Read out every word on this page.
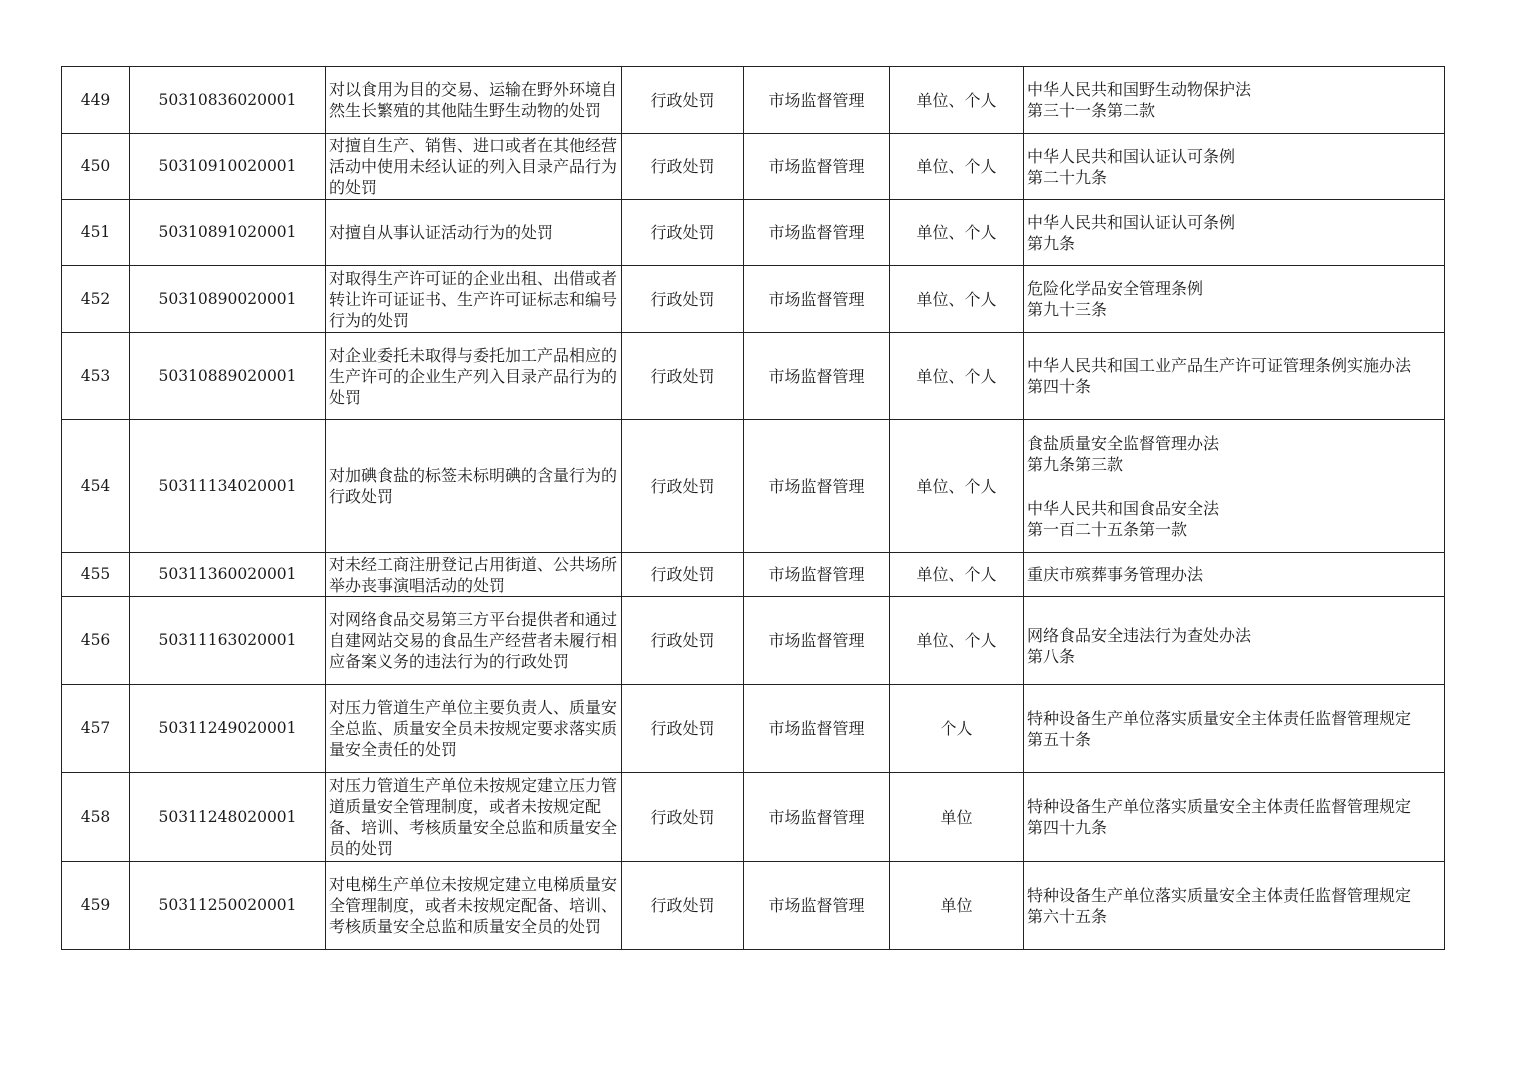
449	50310836020001	对以食用为目的交易、运输在野外环境自然生长繁殖的其他陆生野生动物的处罚	行政处罚	市场监督管理	单位、个人	中华人民共和国野生动物保护法
第三十一条第二款

450	50310910020001	对擅自生产、销售、进口或者在其他经营活动中使用未经认证的列入目录产品行为的处罚	行政处罚	市场监督管理	单位、个人	中华人民共和国认证认可条例
第二十九条

451	50310891020001	对擅自从事认证活动行为的处罚	行政处罚	市场监督管理	单位、个人	中华人民共和国认证认可条例
第九条

452	50310890020001	对取得生产许可证的企业出租、出借或者转让许可证证书、生产许可证标志和编号行为的处罚	行政处罚	市场监督管理	单位、个人	危险化学品安全管理条例
第九十三条

453	50310889020001	对企业委托未取得与委托加工产品相应的生产许可的企业生产列入目录产品行为的处罚	行政处罚	市场监督管理	单位、个人	中华人民共和国工业产品生产许可证管理条例实施办法
第四十条

454	50311134020001	对加碘食盐的标签未标明碘的含量行为的行政处罚	行政处罚	市场监督管理	单位、个人	食盐质量安全监督管理办法
第九条第三款
中华人民共和国食品安全法
第一百二十五条第一款

455	50311360020001	对未经工商注册登记占用街道、公共场所举办丧事演唱活动的处罚	行政处罚	市场监督管理	单位、个人	重庆市殡葬事务管理办法

456	50311163020001	对网络食品交易第三方平台提供者和通过自建网站交易的食品生产经营者未履行相应备案义务的违法行为的行政处罚	行政处罚	市场监督管理	单位、个人	网络食品安全违法行为查处办法
第八条

457	50311249020001	对压力管道生产单位主要负责人、质量安全总监、质量安全员未按规定要求落实质量安全责任的处罚	行政处罚	市场监督管理	个人	特种设备生产单位落实质量安全主体责任监督管理规定
第五十条

458	50311248020001	对压力管道生产单位未按规定建立压力管道质量安全管理制度，或者未按规定配备、培训、考核质量安全总监和质量安全员的处罚	行政处罚	市场监督管理	单位	特种设备生产单位落实质量安全主体责任监督管理规定
第四十九条

459	50311250020001	对电梯生产单位未按规定建立电梯质量安全管理制度，或者未按规定配备、培训、考核质量安全总监和质量安全员的处罚	行政处罚	市场监督管理	单位	特种设备生产单位落实质量安全主体责任监督管理规定
第六十五条
